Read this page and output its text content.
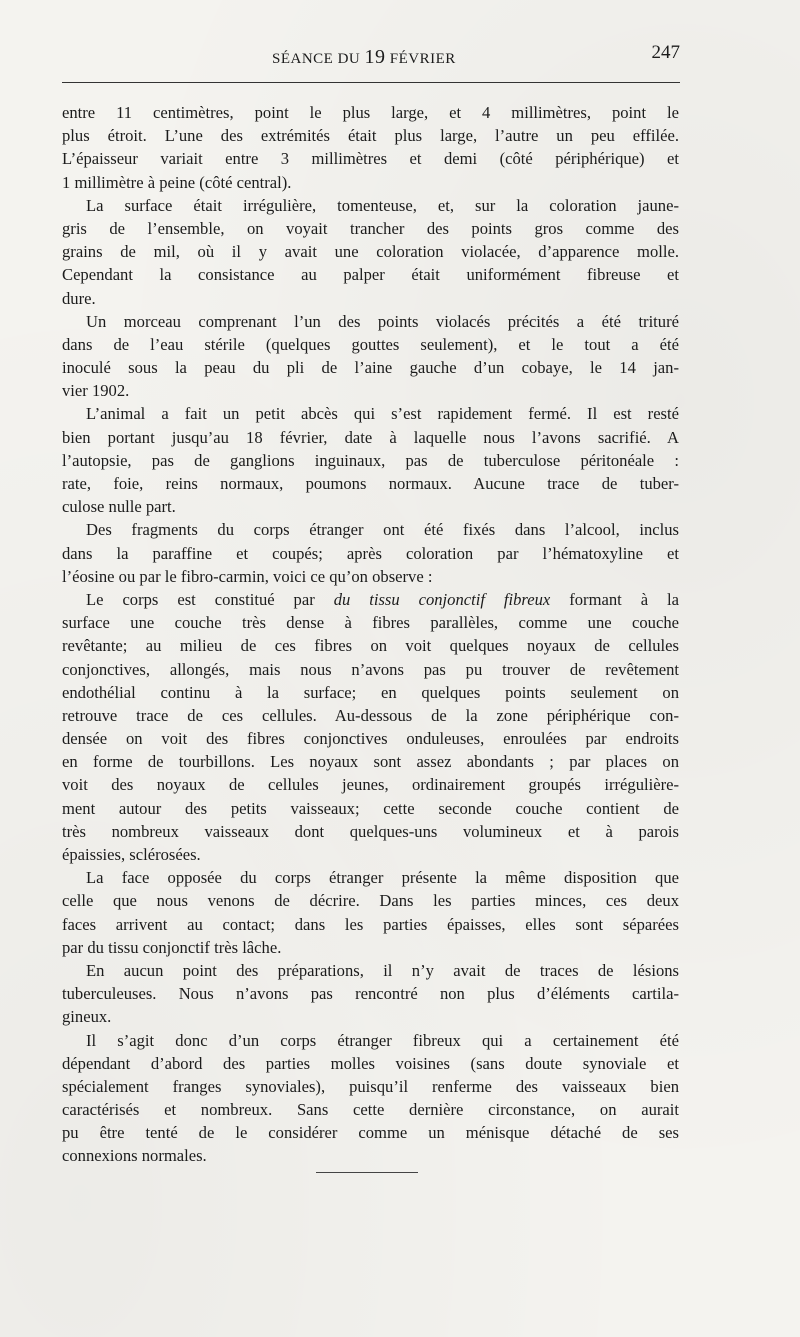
SÉANCE DU 19 FÉVRIER	247
entre 11 centimètres, point le plus large, et 4 millimètres, point le
plus étroit. L’une des extrémités était plus large, l’autre un peu effilée.
L’épaisseur variait entre 3 millimètres et demi (côté périphérique) et
1 millimètre à peine (côté central).
La surface était irrégulière, tomenteuse, et, sur la coloration jaune-
gris de l’ensemble, on voyait trancher des points gros comme des
grains de mil, où il y avait une coloration violacée, d’apparence molle.
Cependant la consistance au palper était uniformément fibreuse et
dure.
Un morceau comprenant l’un des points violacés précités a été trituré
dans de l’eau stérile (quelques gouttes seulement), et le tout a été
inoculé sous la peau du pli de l’aine gauche d’un cobaye, le 14 jan-
vier 1902.
L’animal a fait un petit abcès qui s’est rapidement fermé. Il est resté
bien portant jusqu’au 18 février, date à laquelle nous l’avons sacrifié. A
l’autopsie, pas de ganglions inguinaux, pas de tuberculose péritonéale :
rate, foie, reins normaux, poumons normaux. Aucune trace de tuber-
culose nulle part.
Des fragments du corps étranger ont été fixés dans l’alcool, inclus
dans la paraffine et coupés; après coloration par l’hématoxyline et
l’éosine ou par le fibro-carmin, voici ce qu’on observe :
Le corps est constitué par du tissu conjonctif fibreux formant à la
surface une couche très dense à fibres parallèles, comme une couche
revêtante; au milieu de ces fibres on voit quelques noyaux de cellules
conjonctives, allongés, mais nous n’avons pas pu trouver de revêtement
endothélial continu à la surface; en quelques points seulement on
retrouve trace de ces cellules. Au-dessous de la zone périphérique con-
densée on voit des fibres conjonctives onduleuses, enroulées par endroits
en forme de tourbillons. Les noyaux sont assez abondants ; par places on
voit des noyaux de cellules jeunes, ordinairement groupés irrégulière-
ment autour des petits vaisseaux; cette seconde couche contient de
très nombreux vaisseaux dont quelques-uns volumineux et à parois
épaissies, sclérosées.
La face opposée du corps étranger présente la même disposition que
celle que nous venons de décrire. Dans les parties minces, ces deux
faces arrivent au contact; dans les parties épaisses, elles sont séparées
par du tissu conjonctif très lâche.
En aucun point des préparations, il n’y avait de traces de lésions
tuberculeuses. Nous n’avons pas rencontré non plus d’éléments cartila-
gineux.
Il s’agit donc d’un corps étranger fibreux qui a certainement été
dépendant d’abord des parties molles voisines (sans doute synoviale et
spécialement franges synoviales), puisqu’il renferme des vaisseaux bien
caractérisés et nombreux. Sans cette dernière circonstance, on aurait
pu être tenté de le considérer comme un ménisque détaché de ses
connexions normales.
